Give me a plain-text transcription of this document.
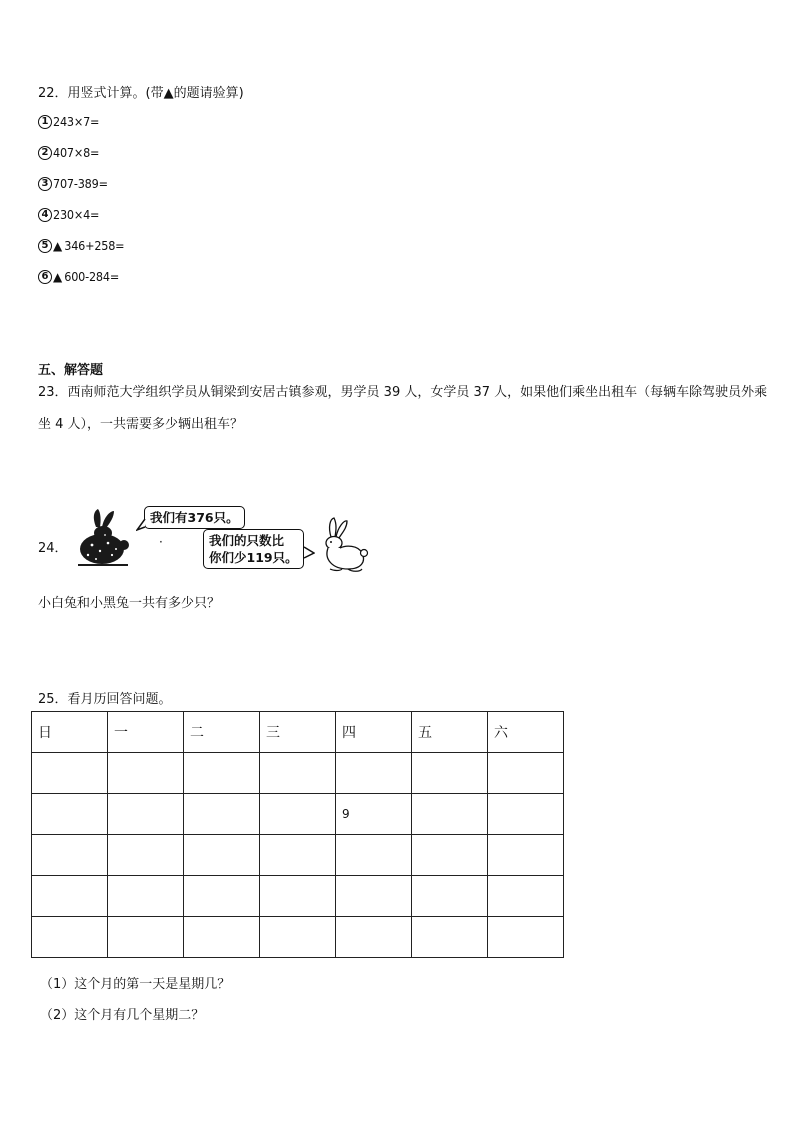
22．用竖式计算。(带▲的题请验算)
1 243×7=
2 407×8=
3 707-389=
4 230×4=
5 ▲ 346+258=
6 ▲ 600-284=
五、解答题
23．西南师范大学组织学员从铜梁到安居古镇参观，男学员 39 人，女学员 37 人，如果他们乘坐出租车（每辆车除驾驶员外乘坐 4 人），一共需要多少辆出租车？
24．
我们有376只。
·	我们的只数比
你们少119只。
小白兔和小黑兔一共有多少只？
25．看月历回答问题。
日	一	二	三	四	五	六

				9		

（1）这个月的第一天是星期几？
（2）这个月有几个星期二？
